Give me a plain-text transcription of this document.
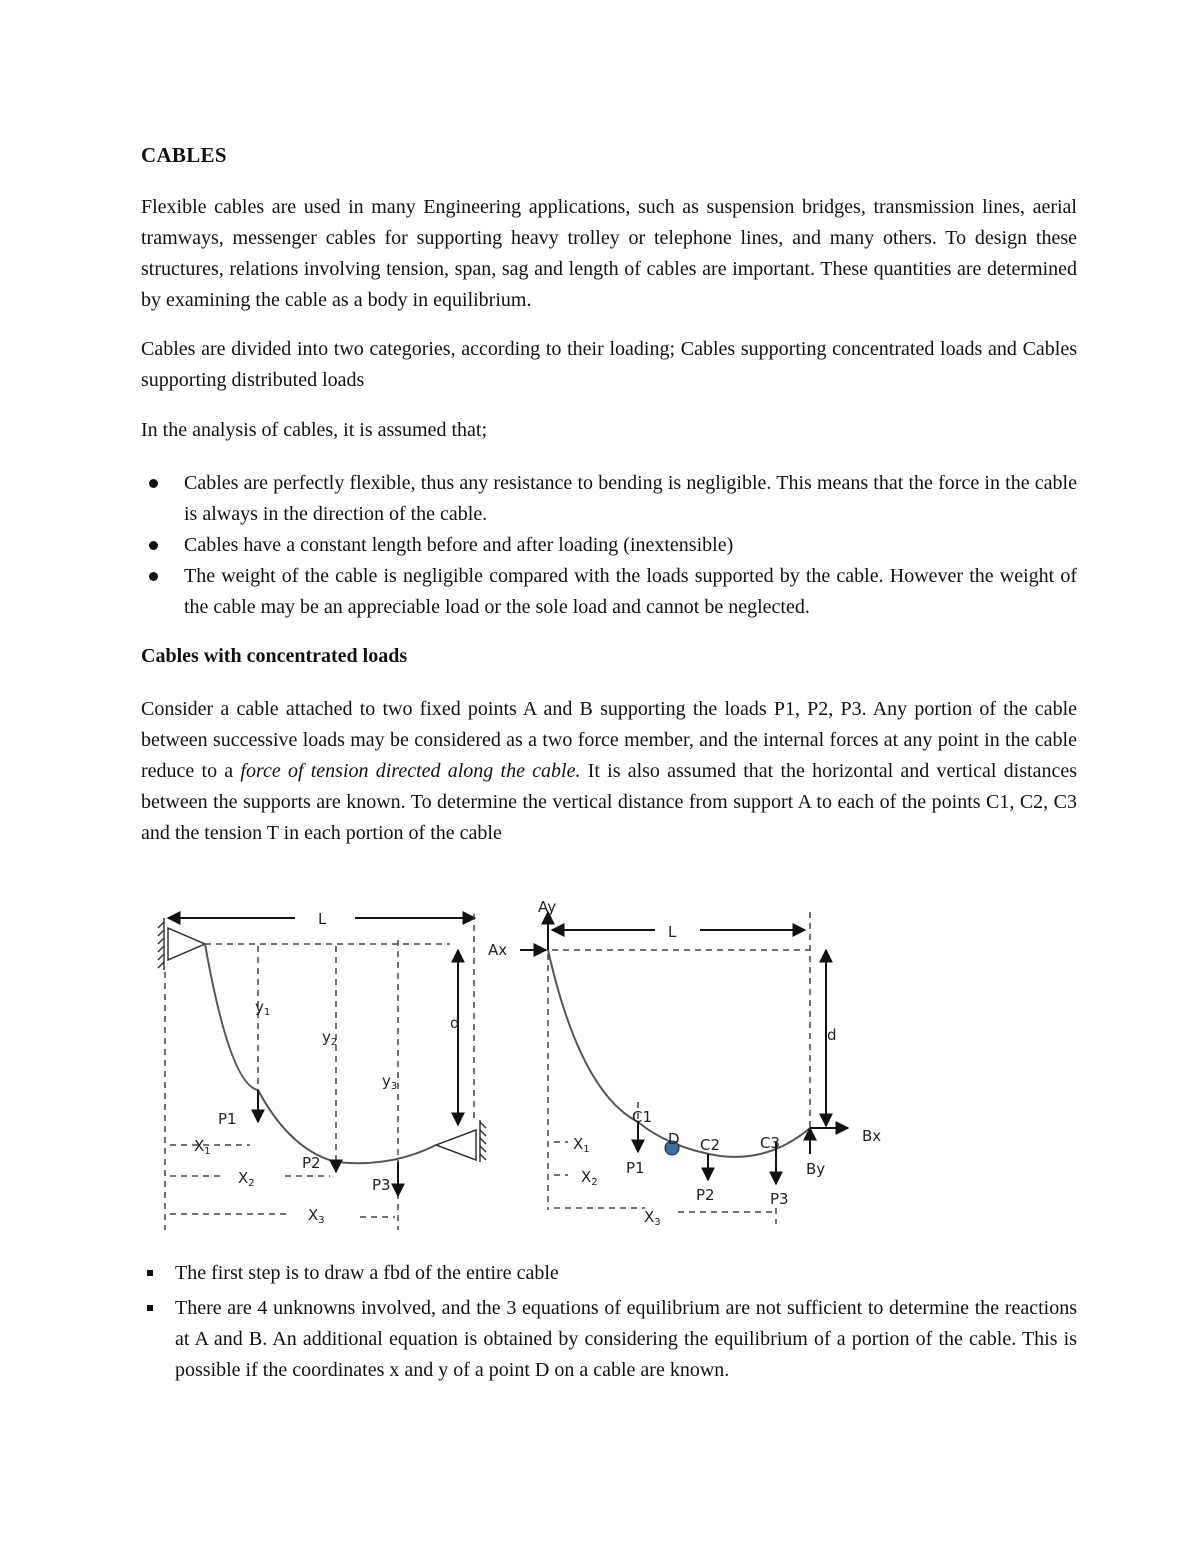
CABLES

Flexible cables are used in many Engineering applications, such as suspension bridges, transmission lines, aerial tramways, messenger cables for supporting heavy trolley or telephone lines, and many others. To design these structures, relations involving tension, span, sag and length of cables are important. These quantities are determined by examining the cable as a body in equilibrium.

Cables are divided into two categories, according to their loading; Cables supporting concentrated loads and Cables supporting distributed loads

In the analysis of cables, it is assumed that;

Cables are perfectly flexible, thus any resistance to bending is negligible. This means that the force in the cable is always in the direction of the cable.
Cables have a constant length before and after loading (inextensible)
The weight of the cable is negligible compared with the loads supported by the cable. However the weight of the cable may be an appreciable load or the sole load and cannot be neglected.
Cables with concentrated loads

Consider a cable attached to two fixed points A and B supporting the loads P1, P2, P3. Any portion of the cable between successive loads may be considered as a two force member, and the internal forces at any point in the cable reduce to a force of tension directed along the cable. It is also assumed that the horizontal and vertical distances between the supports are known. To determine the vertical distance from support A to each of the points C1, C2, C3 and the tension T in each portion of the cable

L
d
$y_1$
$y_2$
$y_3$
P1
P2
P3
$X_1$
$X_2$
$X_3$
Ay
L
d
C1
D C2	C3	Bx
By
P1
P2	P3
$X_1$
$X_2$
$X_3$
Ax
The first step is to draw a fbd of the entire cable
There are 4 unknowns involved, and the 3 equations of equilibrium are not sufficient to determine the reactions at A and B. An additional equation is obtained by considering the equilibrium of a portion of the cable. This is possible if the coordinates x and y of a point D on a cable are known.
